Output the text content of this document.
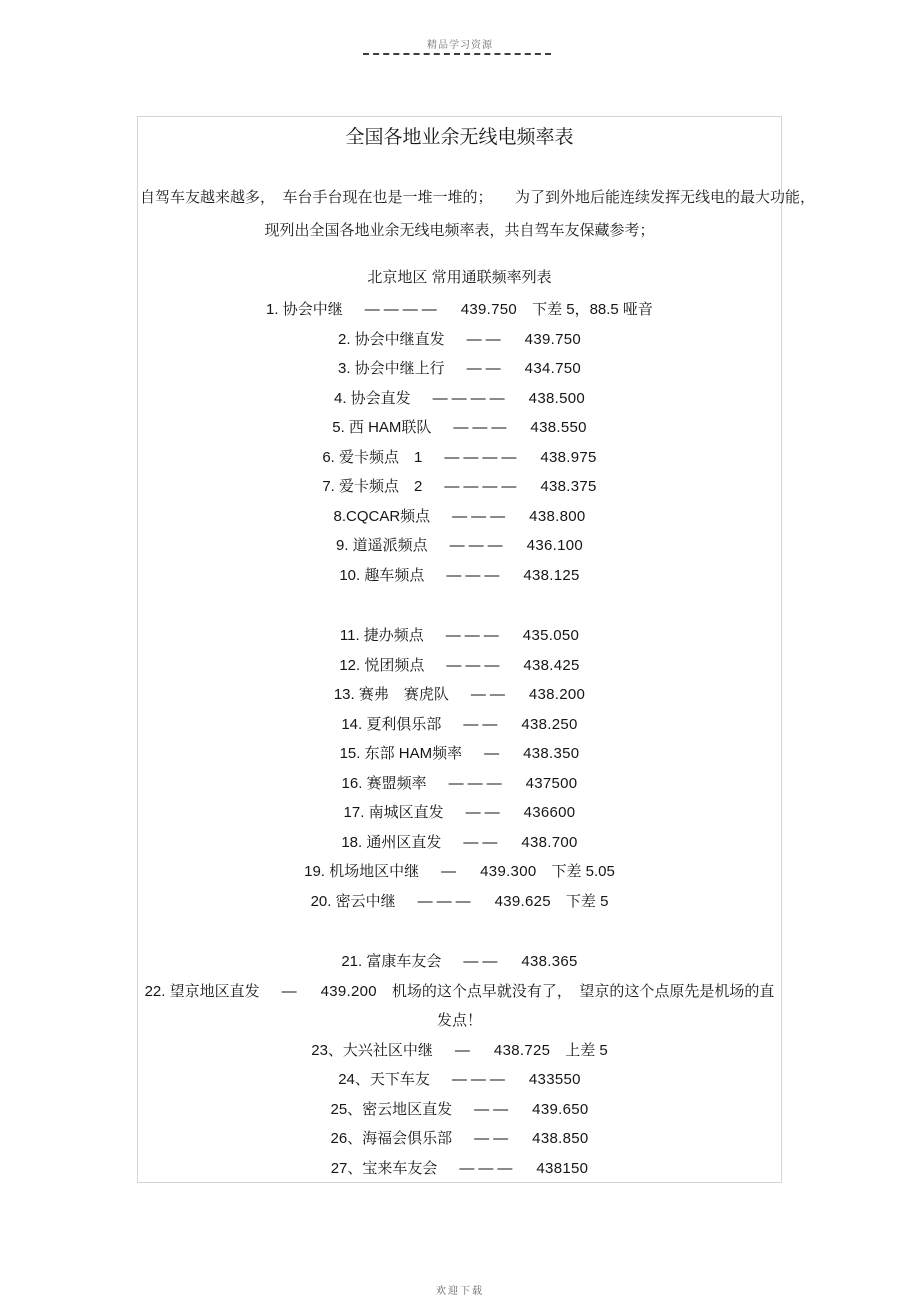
精品学习资源
全国各地业余无线电频率表
自驾车友越来越多，　车台手台现在也是一堆一堆的；　　为了到外地后能连续发挥无线电的最大功能，
现列出全国各地业余无线电频率表，共自驾车友保藏参考；
北京地区 常用通联频率列表
1. 协会中继 ———— 439.750 下差 5，88.5 哑音
2. 协会中继直发 —— 439.750
3. 协会中继上行 —— 434.750
4. 协会直发 ———— 438.500
5. 西 HAM联队 ——— 438.550
6. 爱卡频点　1 ———— 438.975
7. 爱卡频点　2 ———— 438.375
8.CQCAR频点 ——— 438.800
9. 道遥派频点 ——— 436.100
10. 趣车频点 ——— 438.125
11. 捷办频点 ——— 435.050
12. 悦团频点 ——— 438.425
13. 赛弗　赛虎队 —— 438.200
14. 夏利俱乐部 —— 438.250
15. 东部 HAM频率 — 438.350
16. 赛盟频率 ——— 437500
17. 南城区直发 —— 436600
18. 通州区直发 —— 438.700
19. 机场地区中继 — 439.300 下差 5.05
20. 密云中继 ——— 439.625 下差 5
21. 富康车友会 —— 438.365
22. 望京地区直发 — 439.200 机场的这个点早就没有了，　望京的这个点原先是机场的直发点！
23、大兴社区中继 — 438.725 上差 5
24、天下车友 ——— 433550
25、密云地区直发 —— 439.650
26、海福会俱乐部 —— 438.850
27、宝来车友会 ——— 438150
欢迎下载
